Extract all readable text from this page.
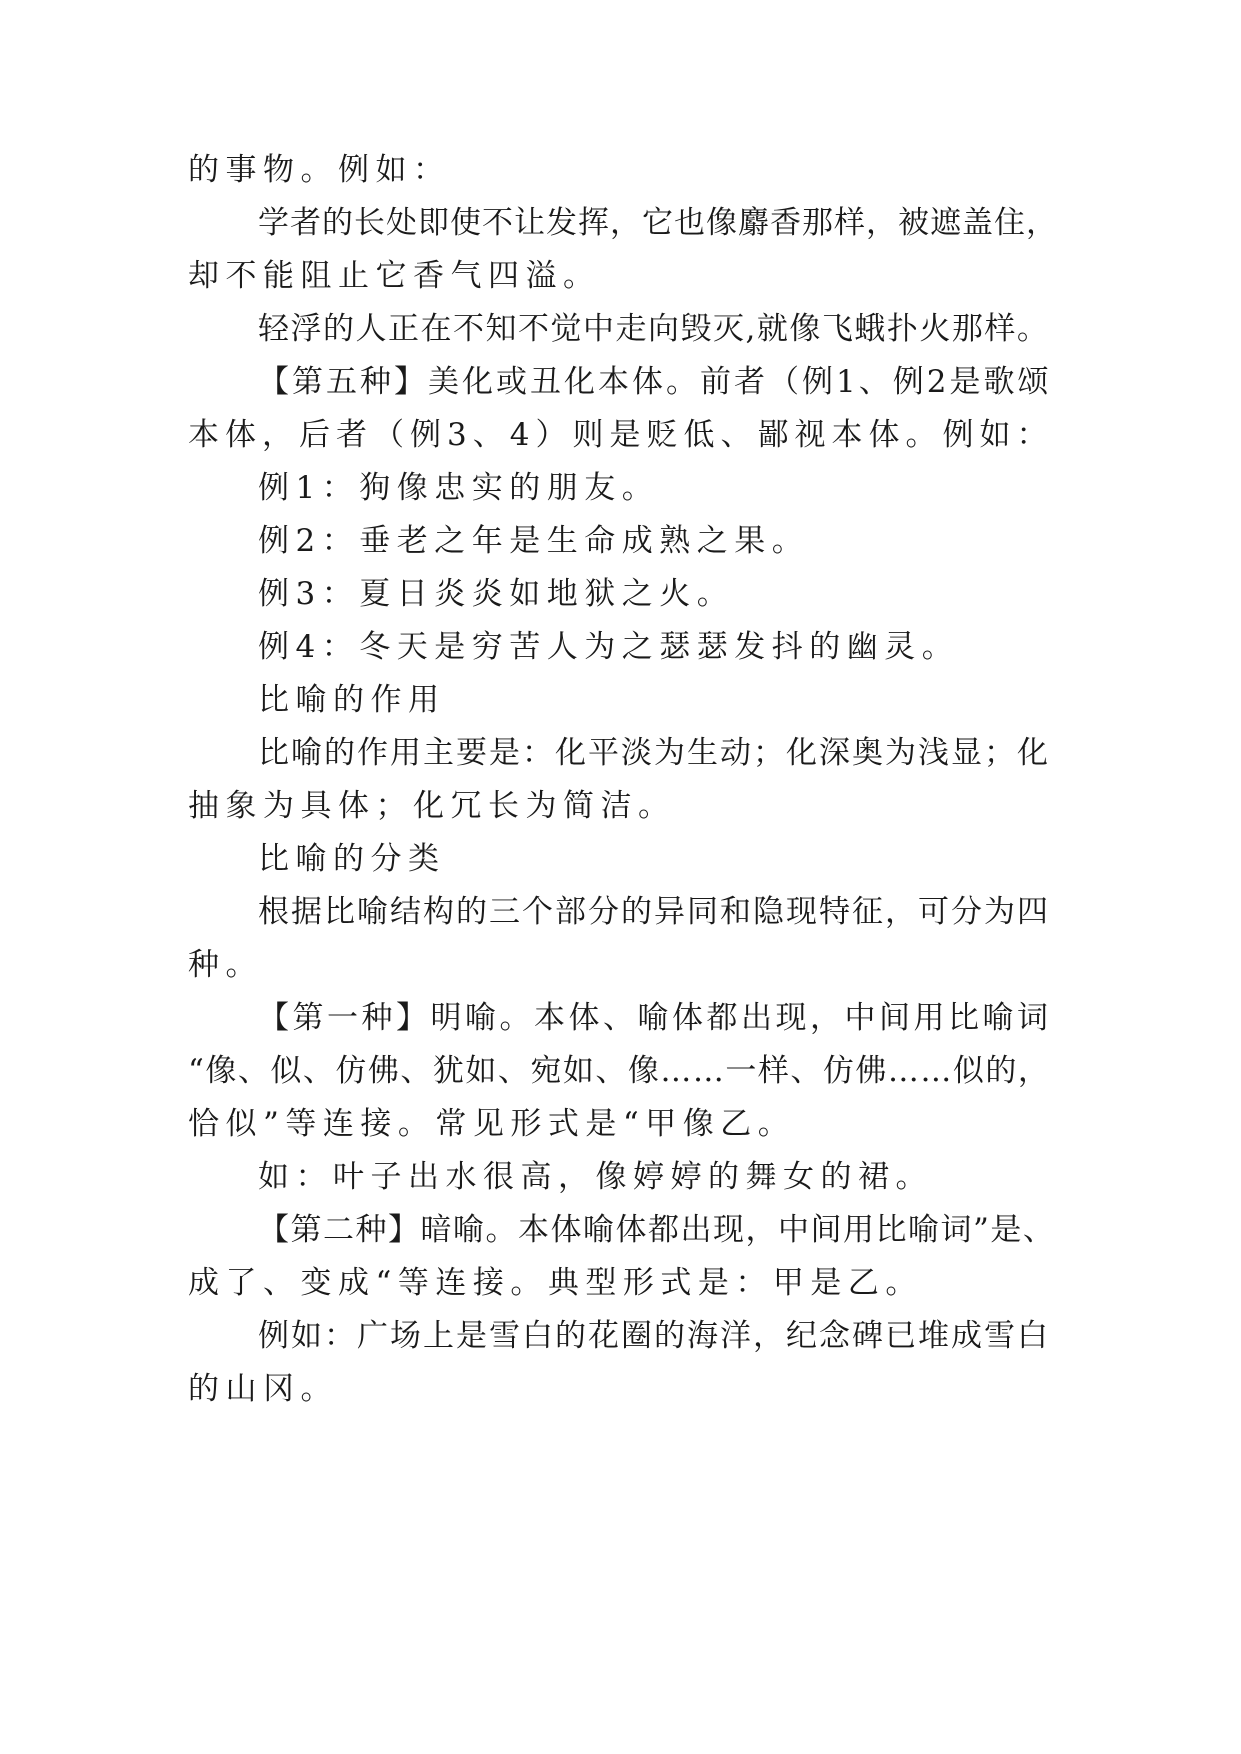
的事物。例如：
学者的长处即使不让发挥，它也像麝香那样，被遮盖住，
却不能阻止它香气四溢。
轻浮的人正在不知不觉中走向毁灭,就像飞蛾扑火那样。
【第五种】美化或丑化本体。前者（例1、例2是歌颂
本体，后者（例3、4）则是贬低、鄙视本体。例如：
例1：狗像忠实的朋友。
例2：垂老之年是生命成熟之果。
例3：夏日炎炎如地狱之火。
例4：冬天是穷苦人为之瑟瑟发抖的幽灵。
比喻的作用
比喻的作用主要是：化平淡为生动；化深奥为浅显；化
抽象为具体；化冗长为简洁。
比喻的分类
根据比喻结构的三个部分的异同和隐现特征，可分为四
种。
【第一种】明喻。本体、喻体都出现，中间用比喻词
“像、似、仿佛、犹如、宛如、像……一样、仿佛……似的，
恰似”等连接。常见形式是“甲像乙。
如：叶子出水很高，像婷婷的舞女的裙。
【第二种】暗喻。本体喻体都出现，中间用比喻词”是、
成了、变成“等连接。典型形式是：甲是乙。
例如：广场上是雪白的花圈的海洋，纪念碑已堆成雪白
的山冈。
